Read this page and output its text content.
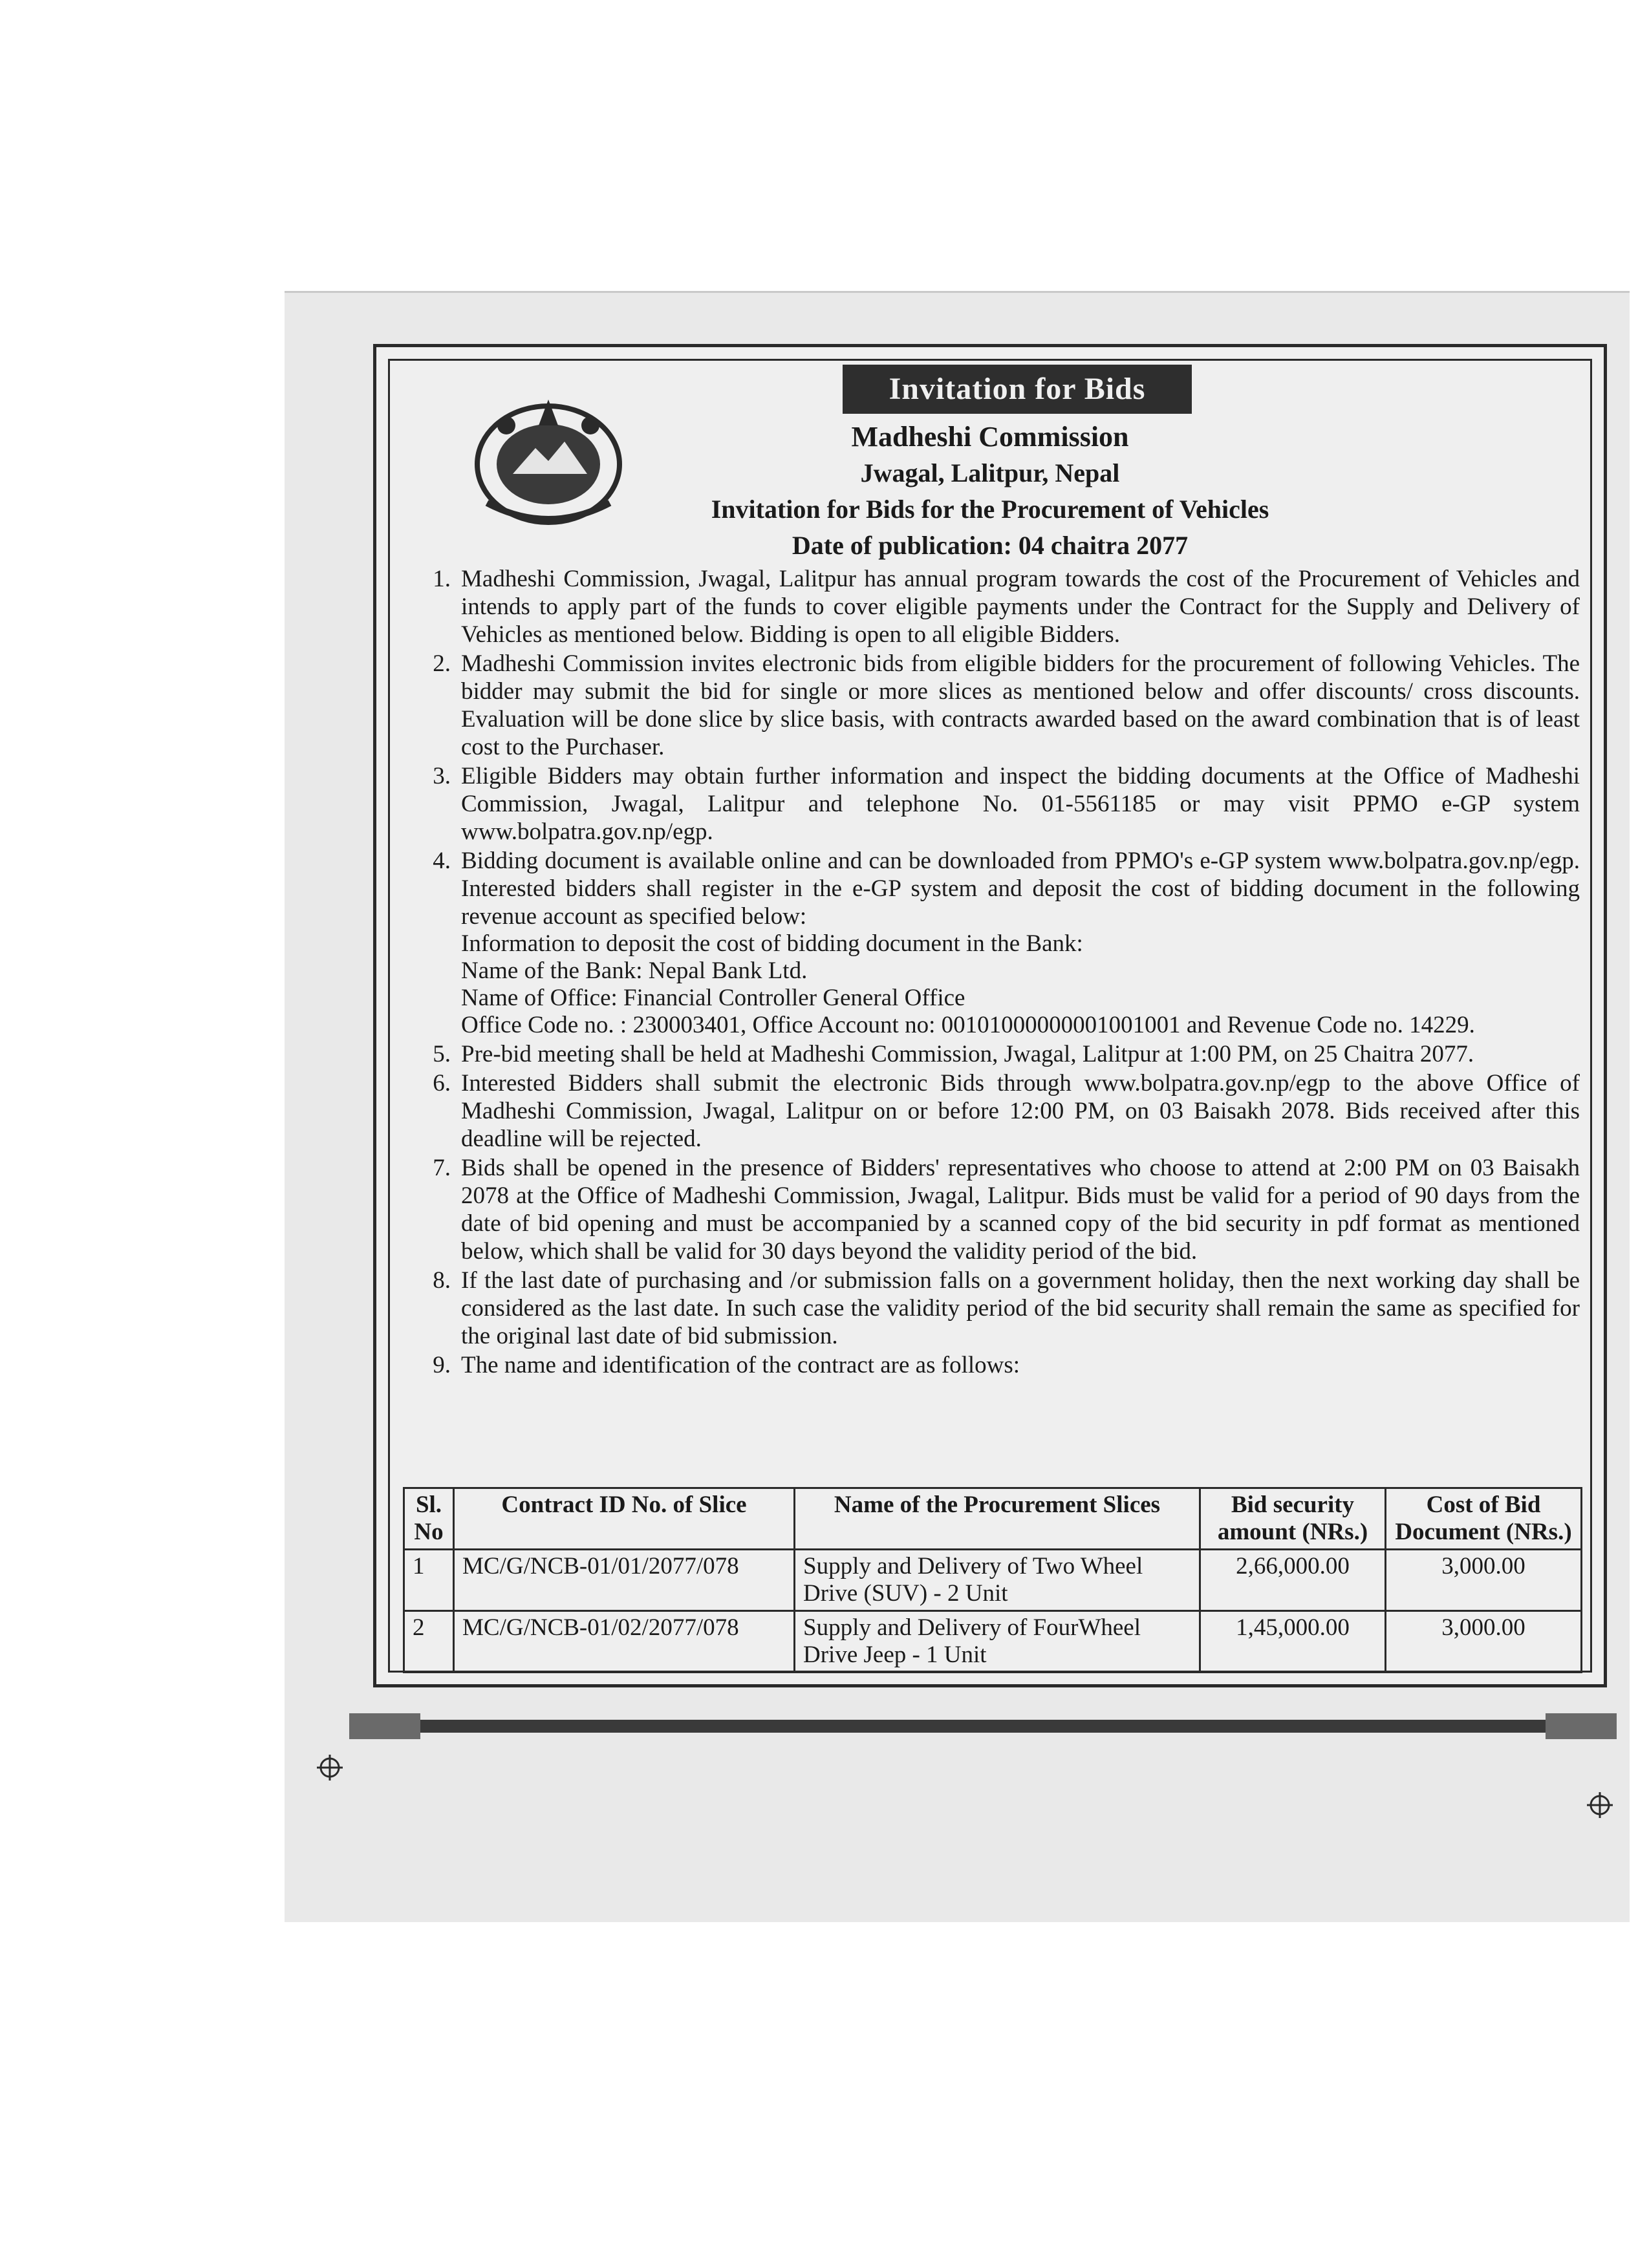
Invitation for Bids
Madheshi Commission
Jwagal, Lalitpur, Nepal
Invitation for Bids for the Procurement of Vehicles
Date of publication: 04 chaitra 2077
1. Madheshi Commission, Jwagal, Lalitpur has annual program towards the cost of the Procurement of Vehicles and intends to apply part of the funds to cover eligible payments under the Contract for the Supply and Delivery of Vehicles as mentioned below. Bidding is open to all eligible Bidders.
2. Madheshi Commission invites electronic bids from eligible bidders for the procurement of following Vehicles. The bidder may submit the bid for single or more slices as mentioned below and offer discounts/ cross discounts. Evaluation will be done slice by slice basis, with contracts awarded based on the award combination that is of least cost to the Purchaser.
3. Eligible Bidders may obtain further information and inspect the bidding documents at the Office of Madheshi Commission, Jwagal, Lalitpur and telephone No. 01-5561185 or may visit PPMO e-GP system www.bolpatra.gov.np/egp.
4. Bidding document is available online and can be downloaded from PPMO's e-GP system www.bolpatra.gov.np/egp. Interested bidders shall register in the e-GP system and deposit the cost of bidding document in the following revenue account as specified below:
Information to deposit the cost of bidding document in the Bank:
Name of the Bank: Nepal Bank Ltd.
Name of Office: Financial Controller General Office
Office Code no. : 230003401, Office Account no: 00101000000001001001 and Revenue Code no. 14229.
5. Pre-bid meeting shall be held at Madheshi Commission, Jwagal, Lalitpur at 1:00 PM, on 25 Chaitra 2077.
6. Interested Bidders shall submit the electronic Bids through www.bolpatra.gov.np/egp to the above Office of Madheshi Commission, Jwagal, Lalitpur on or before 12:00 PM, on 03 Baisakh 2078. Bids received after this deadline will be rejected.
7. Bids shall be opened in the presence of Bidders' representatives who choose to attend at 2:00 PM on 03 Baisakh 2078 at the Office of Madheshi Commission, Jwagal, Lalitpur. Bids must be valid for a period of 90 days from the date of bid opening and must be accompanied by a scanned copy of the bid security in pdf format as mentioned below, which shall be valid for 30 days beyond the validity period of the bid.
8. If the last date of purchasing and /or submission falls on a government holiday, then the next working day shall be considered as the last date. In such case the validity period of the bid security shall remain the same as specified for the original last date of bid submission.
9. The name and identification of the contract are as follows:
Sl. No	Contract ID No. of Slice	Name of the Procurement Slices	Bid security amount (NRs.)	Cost of Bid Document (NRs.)
1	MC/G/NCB-01/01/2077/078	Supply and Delivery of Two Wheel Drive (SUV) - 2 Unit	2,66,000.00	3,000.00
2	MC/G/NCB-01/02/2077/078	Supply and Delivery of FourWheel Drive Jeep - 1 Unit	1,45,000.00	3,000.00
